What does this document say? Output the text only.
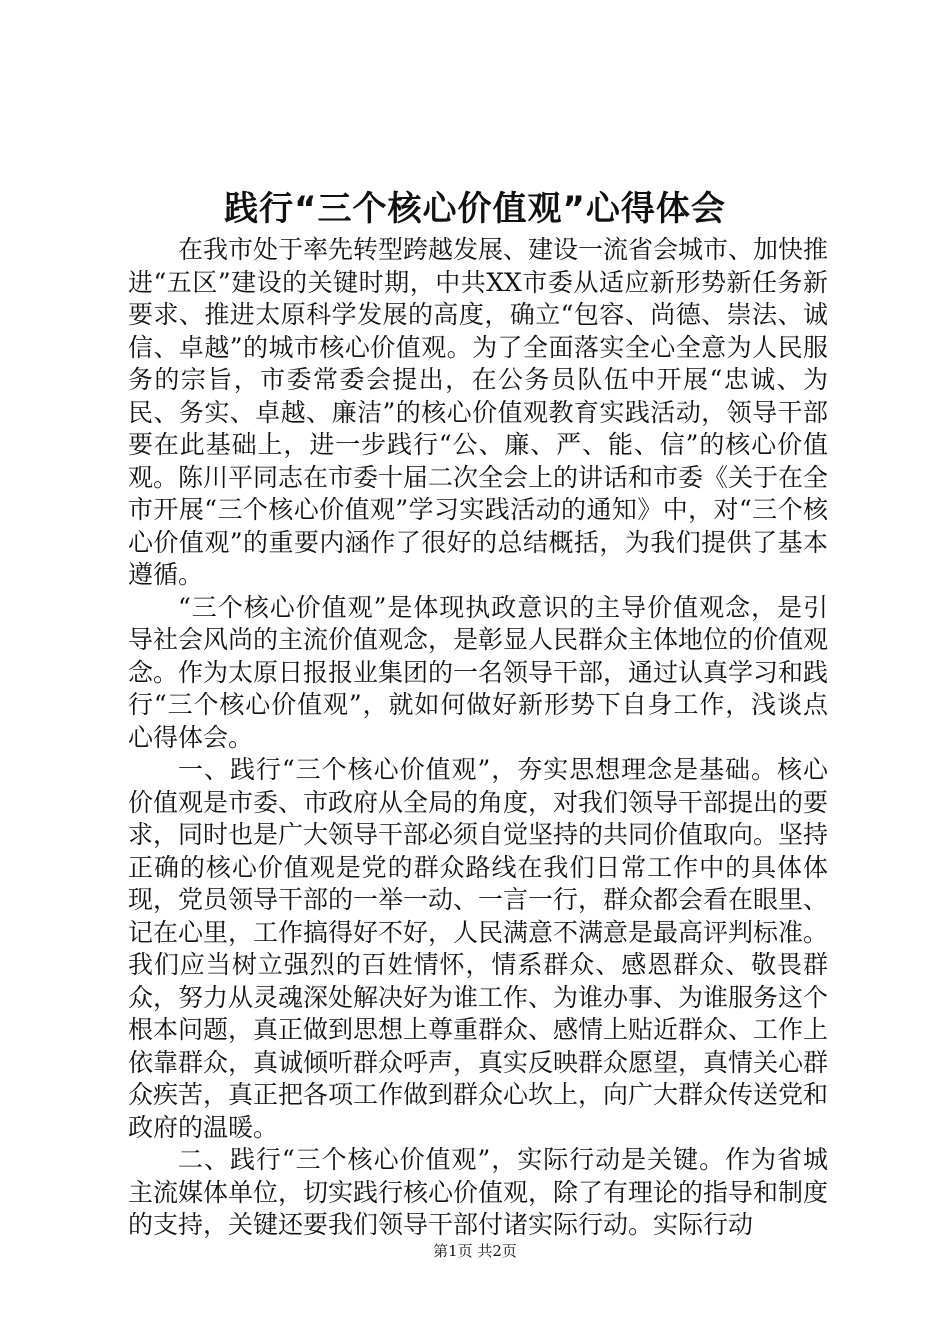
践行“三个核心价值观”心得体会

在我市处于率先转型跨越发展、建设一流省会城市、加快推进“五区”建设的关键时期，中共XX市委从适应新形势新任务新要求、推进太原科学发展的高度，确立“包容、尚德、崇法、诚信、卓越”的城市核心价值观。为了全面落实全心全意为人民服务的宗旨，市委常委会提出，在公务员队伍中开展“忠诚、为民、务实、卓越、廉洁”的核心价值观教育实践活动，领导干部要在此基础上，进一步践行“公、廉、严、能、信”的核心价值观。陈川平同志在市委十届二次全会上的讲话和市委《关于在全市开展“三个核心价值观”学习实践活动的通知》中，对“三个核心价值观”的重要内涵作了很好的总结概括，为我们提供了基本遵循。

“三个核心价值观”是体现执政意识的主导价值观念，是引导社会风尚的主流价值观念，是彰显人民群众主体地位的价值观念。作为太原日报报业集团的一名领导干部，通过认真学习和践行“三个核心价值观”，就如何做好新形势下自身工作，浅谈点心得体会。

一、践行“三个核心价值观”，夯实思想理念是基础。核心价值观是市委、市政府从全局的角度，对我们领导干部提出的要求，同时也是广大领导干部必须自觉坚持的共同价值取向。坚持正确的核心价值观是党的群众路线在我们日常工作中的具体体现，党员领导干部的一举一动、一言一行，群众都会看在眼里、记在心里，工作搞得好不好，人民满意不满意是最高评判标准。我们应当树立强烈的百姓情怀，情系群众、感恩群众、敬畏群众，努力从灵魂深处解决好为谁工作、为谁办事、为谁服务这个根本问题，真正做到思想上尊重群众、感情上贴近群众、工作上依靠群众，真诚倾听群众呼声，真实反映群众愿望，真情关心群众疾苦，真正把各项工作做到群众心坎上，向广大群众传送党和政府的温暖。

二、践行“三个核心价值观”，实际行动是关键。作为省城主流媒体单位，切实践行核心价值观，除了有理论的指导和制度的支持，关键还要我们领导干部付诸实际行动。实际行动

第1页 共2页
